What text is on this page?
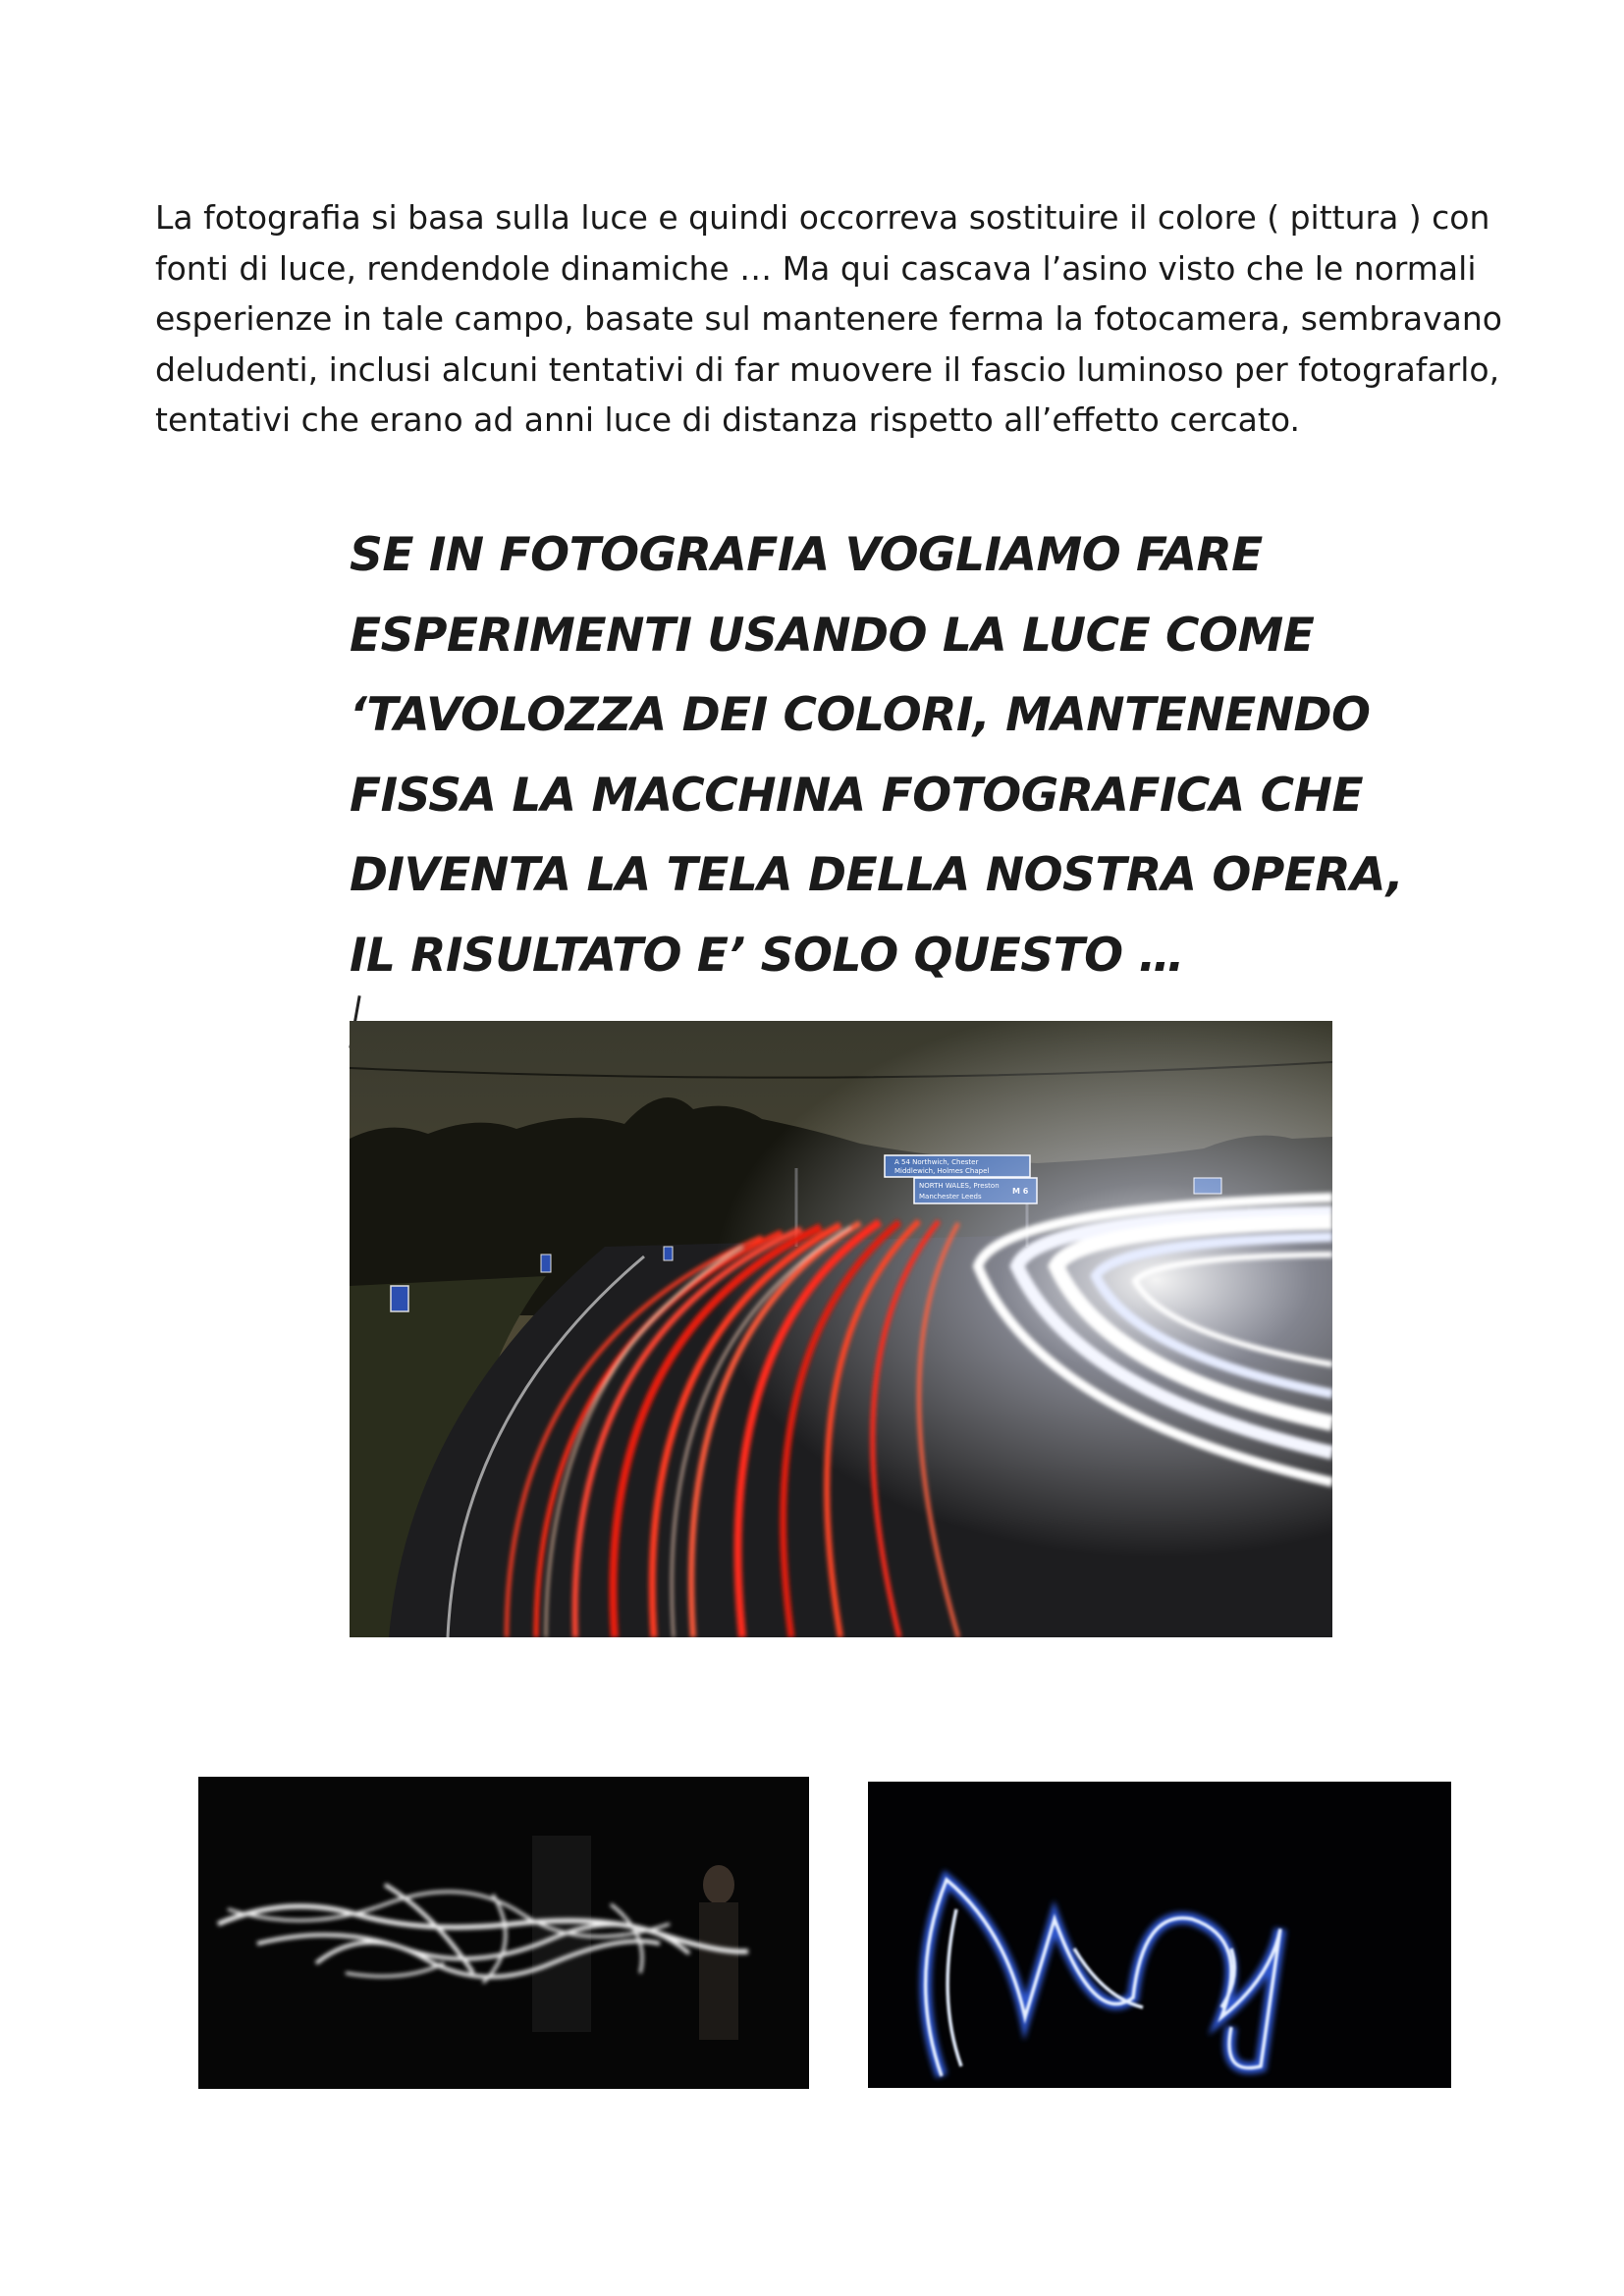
La fotografia si basa sulla luce e quindi occorreva sostituire il colore ( pittura ) con
fonti di luce, rendendole dinamiche … Ma qui cascava l’asino visto che le normali
esperienze in tale campo, basate sul mantenere ferma la fotocamera, sembravano
deludenti, inclusi alcuni tentativi di far muovere il fascio luminoso per fotografarlo,
tentativi che erano ad anni luce di distanza rispetto all’effetto cercato.
SE IN FOTOGRAFIA VOGLIAMO FARE
ESPERIMENTI USANDO LA LUCE COME
‘TAVOLOZZA DEI COLORI, MANTENENDO
FISSA LA MACCHINA FOTOGRAFICA CHE
DIVENTA LA TELA DELLA NOSTRA OPERA,
IL RISULTATO E’ SOLO QUESTO …
